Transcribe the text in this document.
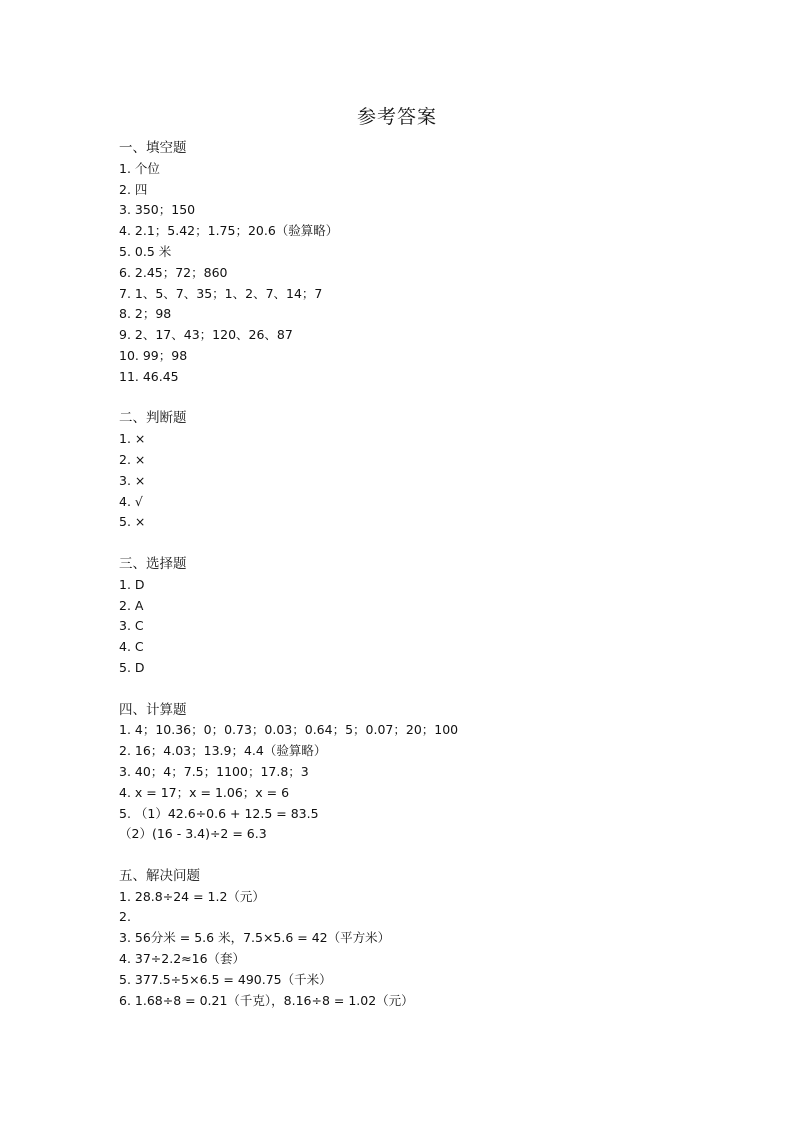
参考答案
一、填空题
1. 个位
2. 四
3. 350；150
4. 2.1；5.42；1.75；20.6（验算略）
5. 0.5 米
6. 2.45；72；860
7. 1、5、7、35；1、2、7、14；7
8. 2；98
9. 2、17、43；120、26、87
10. 99；98
11. 46.45
二、判断题
1. ×
2. ×
3. ×
4. √
5. ×
三、选择题
1. D
2. A
3. C
4. C
5. D
四、计算题
1. 4；10.36；0；0.73；0.03；0.64；5；0.07；20；100
2. 16；4.03；13.9；4.4（验算略）
3. 40；4；7.5；1100；17.8；3
4. x = 17；x = 1.06；x = 6
5. （1）42.6÷0.6 + 12.5 = 83.5
（2）(16 - 3.4)÷2 = 6.3
五、解决问题
1. 28.8÷24 = 1.2（元）
2.
3. 56分米 = 5.6 米，7.5×5.6 = 42（平方米）
4. 37÷2.2≈16（套）
5. 377.5÷5×6.5 = 490.75（千米）
6. 1.68÷8 = 0.21（千克），8.16÷8 = 1.02（元）
